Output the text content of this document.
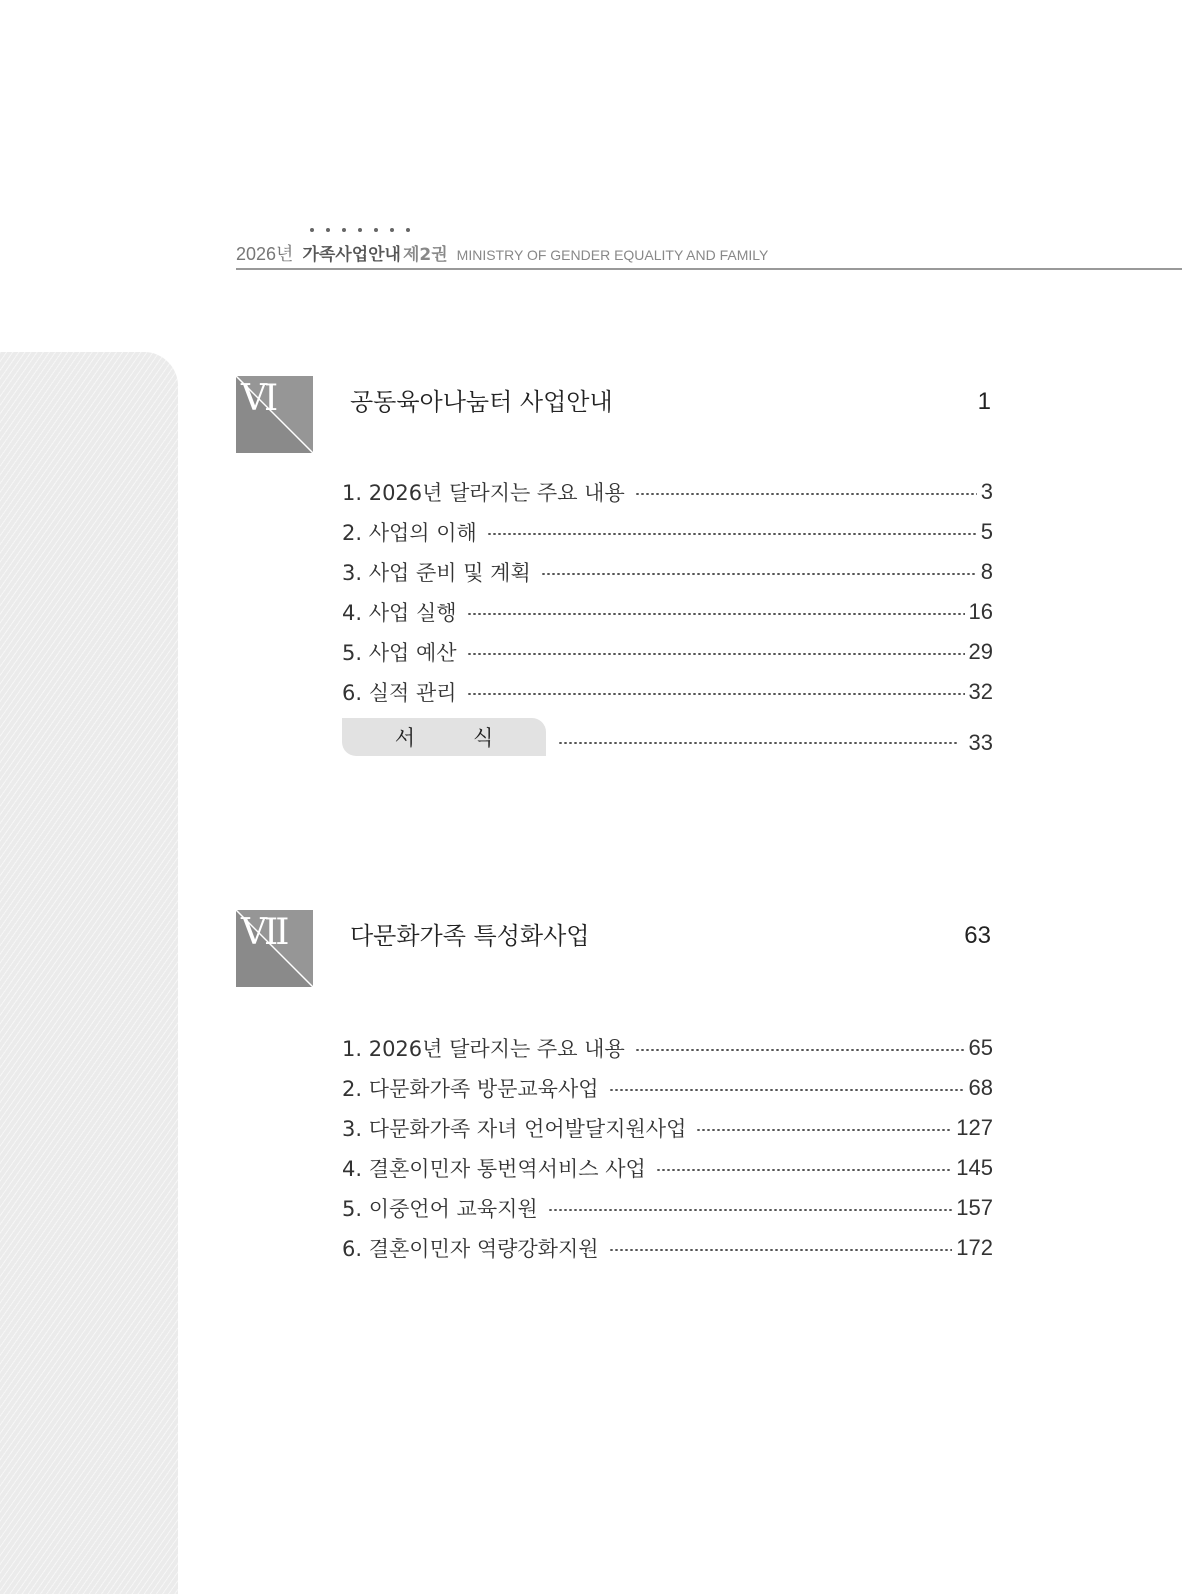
2026년 가족사업안내 제2권 MINISTRY OF GENDER EQUALITY AND FAMILY
VI	공동육아나눔터 사업안내	1
1. 2026년 달라지는 주요 내용	3
2. 사업의 이해	5
3. 사업 준비 및 계획	8
4. 사업 실행	16
5. 사업 예산	29
6. 실적 관리	32
서	식	33
VII	다문화가족 특성화사업	63
1. 2026년 달라지는 주요 내용	65
2. 다문화가족 방문교육사업	68
3. 다문화가족 자녀 언어발달지원사업	127
4. 결혼이민자 통번역서비스 사업	145
5. 이중언어 교육지원	157
6. 결혼이민자 역량강화지원	172
